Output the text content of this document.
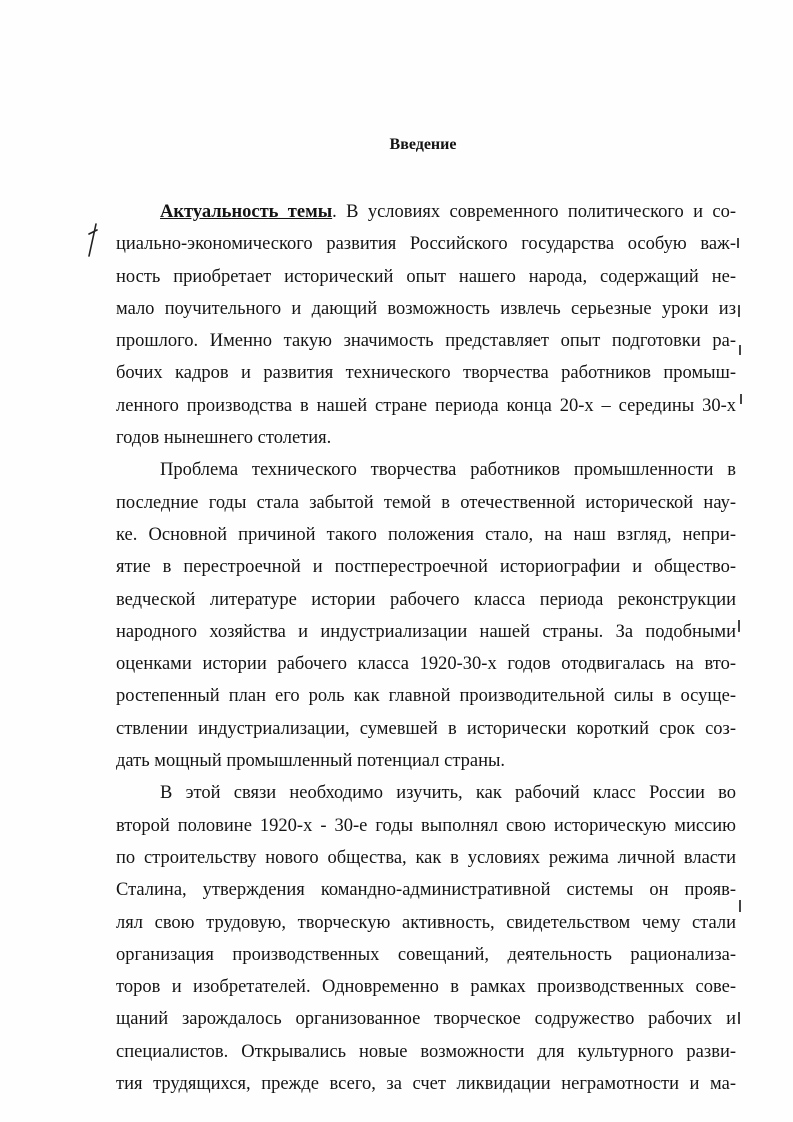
Введение
Актуальность темы. В условиях современного политического и со-
циально-экономического развития Российского государства особую важ-
ность приобретает исторический опыт нашего народа, содержащий не-
мало поучительного и дающий возможность извлечь серьезные уроки из
прошлого. Именно такую значимость представляет опыт подготовки ра-
бочих кадров и развития технического творчества работников промыш-
ленного производства в нашей стране периода конца 20-х – середины 30-х
годов нынешнего столетия.
Проблема технического творчества работников промышленности в
последние годы стала забытой темой в отечественной исторической нау-
ке. Основной причиной такого положения стало, на наш взгляд, непри-
ятие в перестроечной и постперестроечной историографии и общество-
ведческой литературе истории рабочего класса периода реконструкции
народного хозяйства и индустриализации нашей страны. За подобными
оценками истории рабочего класса 1920-30-х годов отодвигалась на вто-
ростепенный план его роль как главной производительной силы в осуще-
ствлении индустриализации, сумевшей в исторически короткий срок соз-
дать мощный промышленный потенциал страны.
В этой связи необходимо изучить, как рабочий класс России во
второй половине 1920-х - 30-е годы выполнял свою историческую миссию
по строительству нового общества, как в условиях режима личной власти
Сталина, утверждения командно-административной системы он прояв-
лял свою трудовую, творческую активность, свидетельством чему стали
организация производственных совещаний, деятельность рационализа-
торов и изобретателей. Одновременно в рамках производственных сове-
щаний зарождалось организованное творческое содружество рабочих и
специалистов. Открывались новые возможности для культурного разви-
тия трудящихся, прежде всего, за счет ликвидации неграмотности и ма-
